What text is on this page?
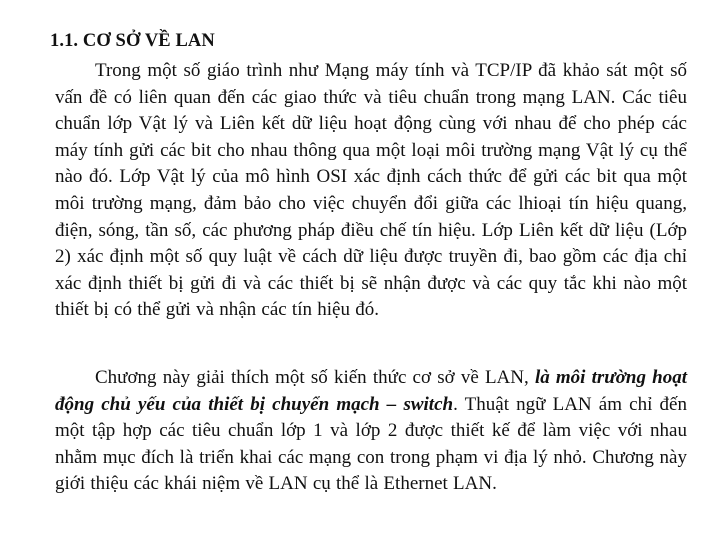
1.1. CƠ SỞ VỀ LAN

Trong một số giáo trình như Mạng máy tính và TCP/IP đã khảo sát một số vấn đề có liên quan đến các giao thức và tiêu chuẩn trong mạng LAN. Các tiêu chuẩn lớp Vật lý và Liên kết dữ liệu hoạt động cùng với nhau để cho phép các máy tính gửi các bit cho nhau thông qua một loại môi trường mạng Vật lý cụ thể nào đó. Lớp Vật lý của mô hình OSI xác định cách thức để gửi các bit qua một môi trường mạng, đảm bảo cho việc chuyển đổi giữa các lhioại tín hiệu quang, điện, sóng, tần số, các phương pháp điều chế tín hiệu. Lớp Liên kết dữ liệu (Lớp 2) xác định một số quy luật về cách dữ liệu được truyền đi, bao gồm các địa chỉ xác định thiết bị gửi đi và các thiết bị sẽ nhận được và các quy tắc khi nào một thiết bị có thể gửi và nhận các tín hiệu đó.

Chương này giải thích một số kiến thức cơ sở về LAN, là môi trường hoạt động chủ yếu của thiết bị chuyển mạch – switch. Thuật ngữ LAN ám chỉ đến một tập hợp các tiêu chuẩn lớp 1 và lớp 2 được thiết kế để làm việc với nhau nhằm mục đích là triển khai các mạng con trong phạm vi địa lý nhỏ. Chương này giới thiệu các khái niệm về LAN cụ thể là Ethernet LAN.
